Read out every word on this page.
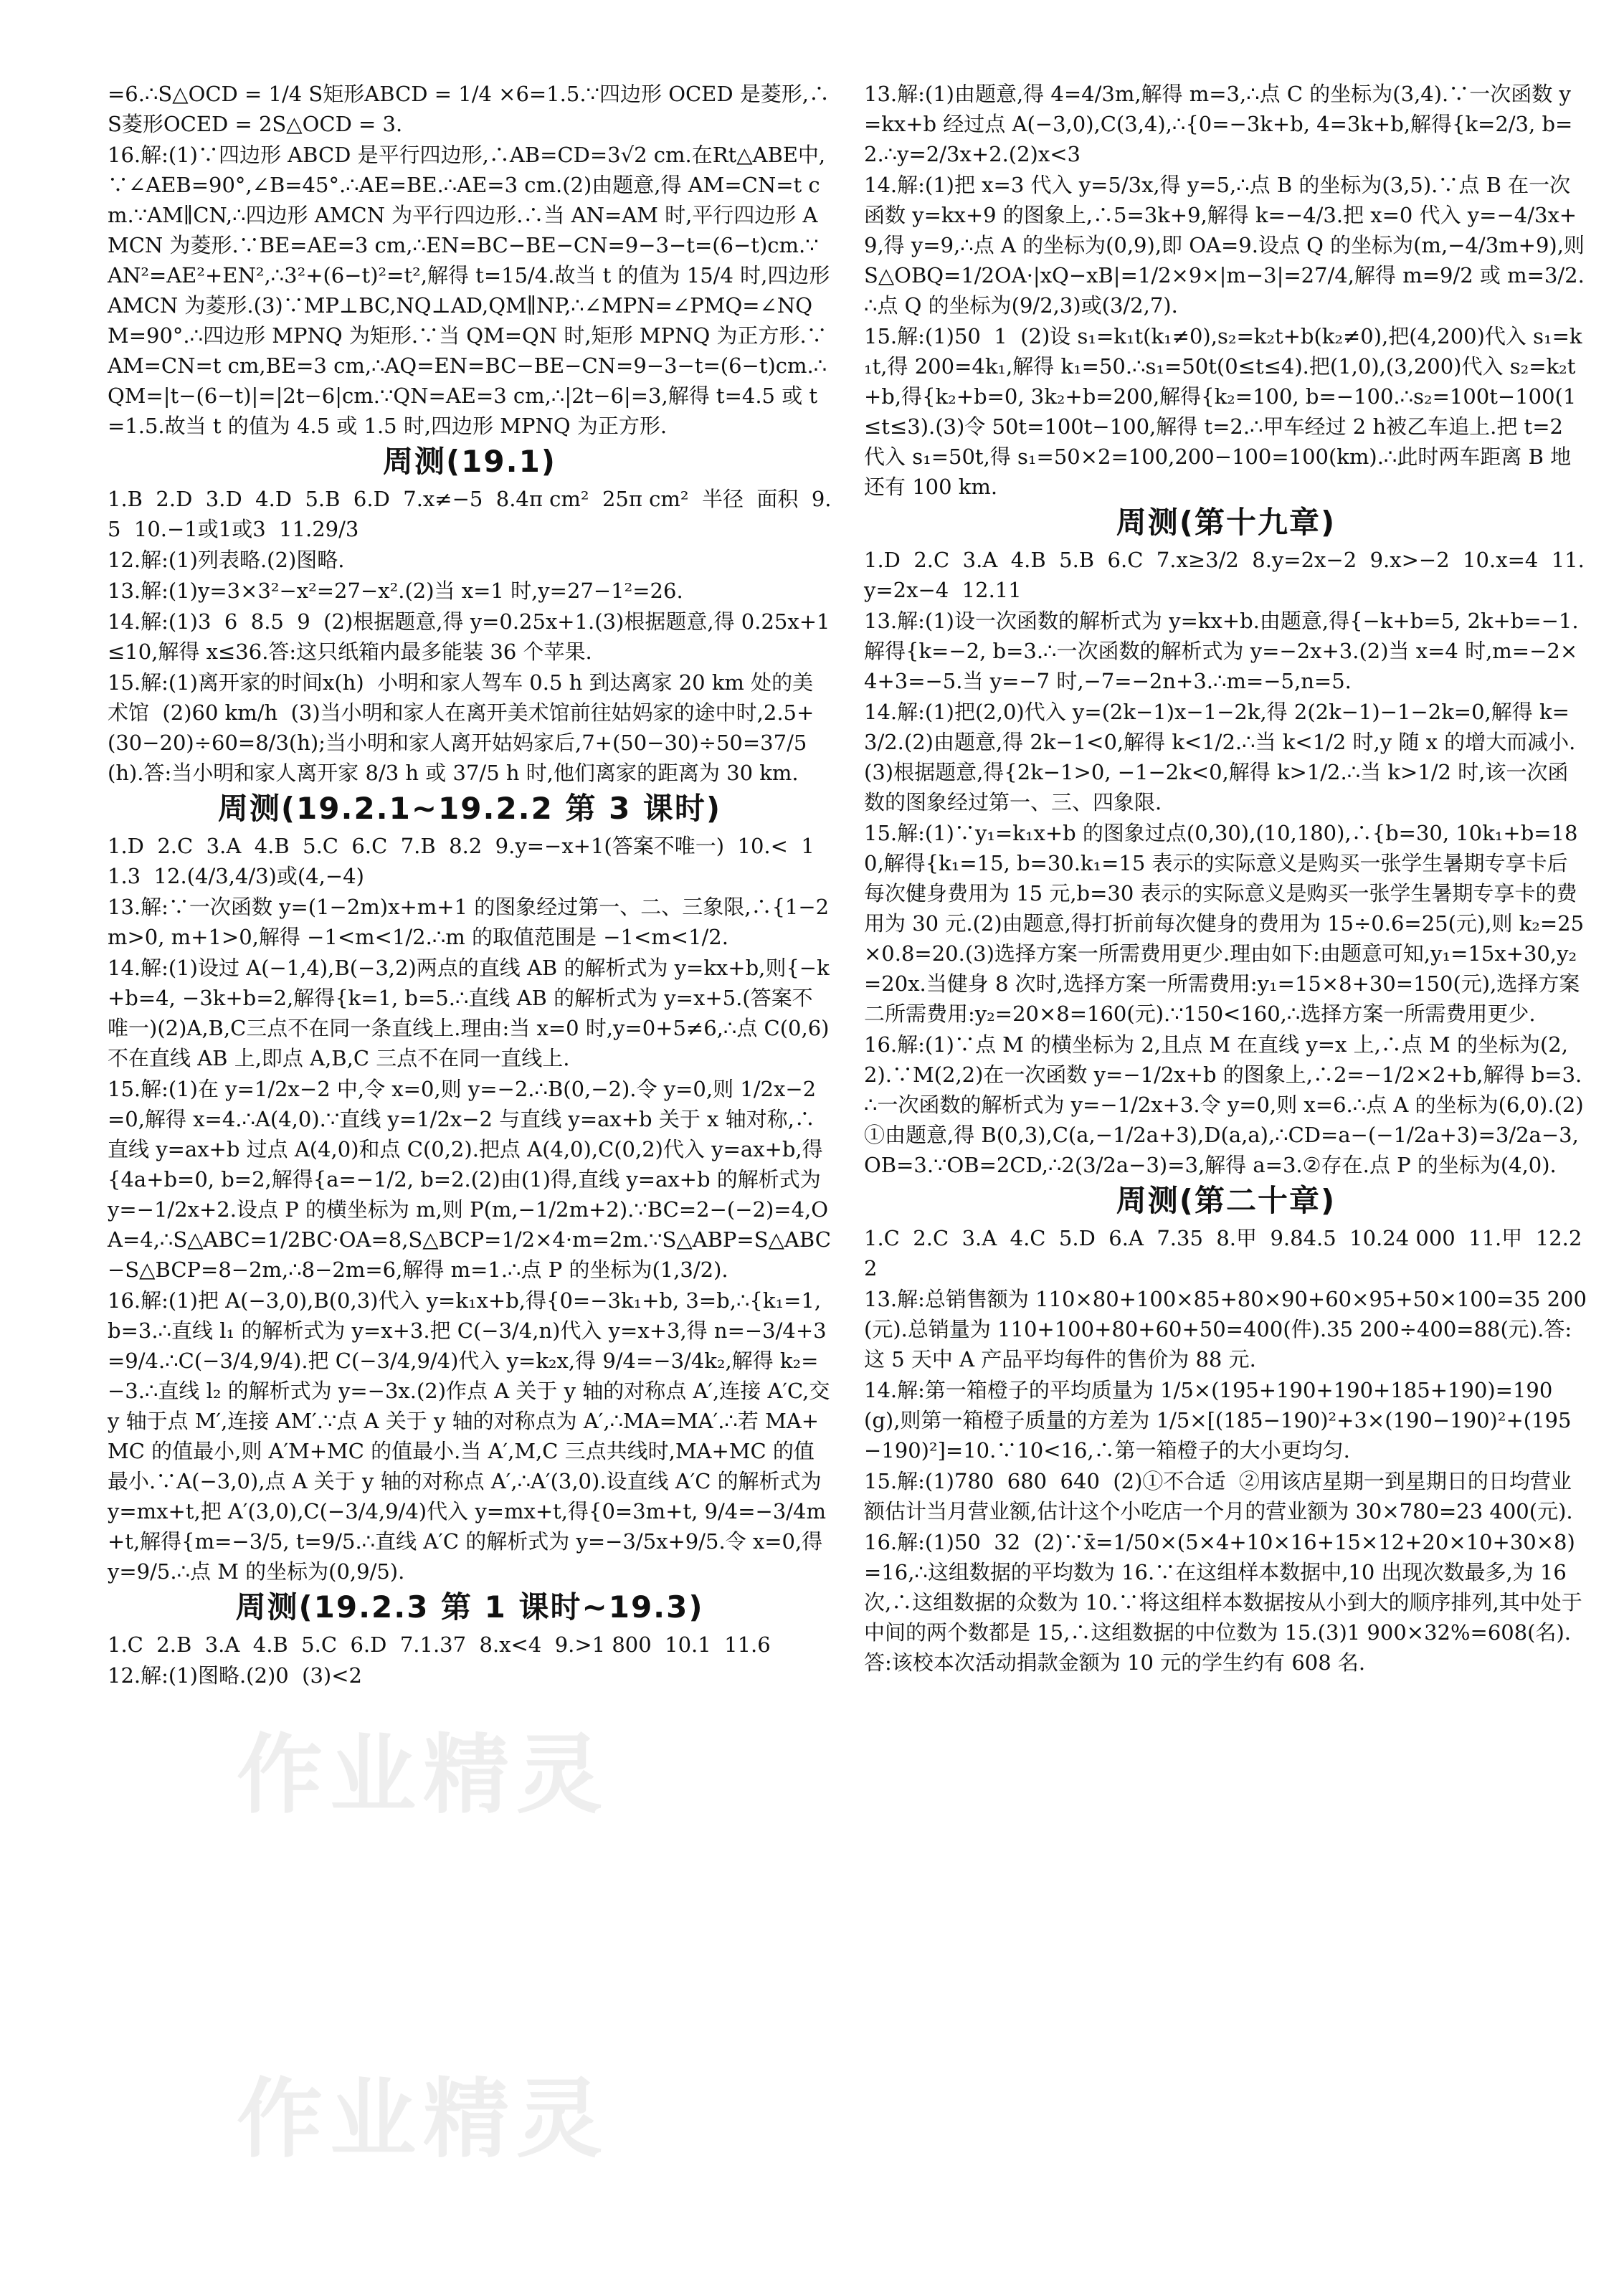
=6.∴S△OCD = 1/4 S矩形ABCD = 1/4 ×6=1.5.∵四边形 OCED 是菱形,∴S菱形OCED = 2S△OCD = 3.
16.解:(1)∵四边形 ABCD 是平行四边形,∴AB=CD=3√2 cm.在Rt△ABE中,∵∠AEB=90°,∠B=45°.∴AE=BE.∴AE=3 cm.(2)由题意,得 AM=CN=t cm.∵AM∥CN,∴四边形 AMCN 为平行四边形.∴当 AN=AM 时,平行四边形 AMCN 为菱形.∵BE=AE=3 cm,∴EN=BC−BE−CN=9−3−t=(6−t)cm.∵AN²=AE²+EN²,∴3²+(6−t)²=t²,解得 t=15/4.故当 t 的值为 15/4 时,四边形 AMCN 为菱形.(3)∵MP⊥BC,NQ⊥AD,QM∥NP,∴∠MPN=∠PMQ=∠NQM=90°.∴四边形 MPNQ 为矩形.∵当 QM=QN 时,矩形 MPNQ 为正方形.∵AM=CN=t cm,BE=3 cm,∴AQ=EN=BC−BE−CN=9−3−t=(6−t)cm.∴QM=|t−(6−t)|=|2t−6|cm.∵QN=AE=3 cm,∴|2t−6|=3,解得 t=4.5 或 t=1.5.故当 t 的值为 4.5 或 1.5 时,四边形 MPNQ 为正方形.
周测(19.1)
1.B  2.D  3.D  4.D  5.B  6.D  7.x≠−5  8.4π cm²  25π cm²  半径  面积  9.5  10.−1或1或3  11.29/3
12.解:(1)列表略.(2)图略.
13.解:(1)y=3×3²−x²=27−x².(2)当 x=1 时,y=27−1²=26.
14.解:(1)3  6  8.5  9  (2)根据题意,得 y=0.25x+1.(3)根据题意,得 0.25x+1≤10,解得 x≤36.答:这只纸箱内最多能装 36 个苹果.
15.解:(1)离开家的时间x(h)  小明和家人驾车 0.5 h 到达离家 20 km 处的美术馆  (2)60 km/h  (3)当小明和家人在离开美术馆前往姑妈家的途中时,2.5+(30−20)÷60=8/3(h);当小明和家人离开姑妈家后,7+(50−30)÷50=37/5(h).答:当小明和家人离开家 8/3 h 或 37/5 h 时,他们离家的距离为 30 km.
周测(19.2.1~19.2.2 第 3 课时)
1.D  2.C  3.A  4.B  5.C  6.C  7.B  8.2  9.y=−x+1(答案不唯一)  10.<  11.3  12.(4/3,4/3)或(4,−4)
13.解:∵一次函数 y=(1−2m)x+m+1 的图象经过第一、二、三象限,∴{1−2m>0, m+1>0,解得 −1<m<1/2.∴m 的取值范围是 −1<m<1/2.
14.解:(1)设过 A(−1,4),B(−3,2)两点的直线 AB 的解析式为 y=kx+b,则{−k+b=4, −3k+b=2,解得{k=1, b=5.∴直线 AB 的解析式为 y=x+5.(答案不唯一)(2)A,B,C三点不在同一条直线上.理由:当 x=0 时,y=0+5≠6,∴点 C(0,6)不在直线 AB 上,即点 A,B,C 三点不在同一直线上.
15.解:(1)在 y=1/2x−2 中,令 x=0,则 y=−2.∴B(0,−2).令 y=0,则 1/2x−2=0,解得 x=4.∴A(4,0).∵直线 y=1/2x−2 与直线 y=ax+b 关于 x 轴对称,∴直线 y=ax+b 过点 A(4,0)和点 C(0,2).把点 A(4,0),C(0,2)代入 y=ax+b,得{4a+b=0, b=2,解得{a=−1/2, b=2.(2)由(1)得,直线 y=ax+b 的解析式为 y=−1/2x+2.设点 P 的横坐标为 m,则 P(m,−1/2m+2).∵BC=2−(−2)=4,OA=4,∴S△ABC=1/2BC·OA=8,S△BCP=1/2×4·m=2m.∵S△ABP=S△ABC−S△BCP=8−2m,∴8−2m=6,解得 m=1.∴点 P 的坐标为(1,3/2).
16.解:(1)把 A(−3,0),B(0,3)代入 y=k₁x+b,得{0=−3k₁+b, 3=b,∴{k₁=1, b=3.∴直线 l₁ 的解析式为 y=x+3.把 C(−3/4,n)代入 y=x+3,得 n=−3/4+3=9/4.∴C(−3/4,9/4).把 C(−3/4,9/4)代入 y=k₂x,得 9/4=−3/4k₂,解得 k₂=−3.∴直线 l₂ 的解析式为 y=−3x.(2)作点 A 关于 y 轴的对称点 A′,连接 A′C,交 y 轴于点 M′,连接 AM′.∵点 A 关于 y 轴的对称点为 A′,∴MA=MA′.∴若 MA+MC 的值最小,则 A′M+MC 的值最小.当 A′,M,C 三点共线时,MA+MC 的值最小.∵A(−3,0),点 A 关于 y 轴的对称点 A′,∴A′(3,0).设直线 A′C 的解析式为 y=mx+t,把 A′(3,0),C(−3/4,9/4)代入 y=mx+t,得{0=3m+t, 9/4=−3/4m+t,解得{m=−3/5, t=9/5.∴直线 A′C 的解析式为 y=−3/5x+9/5.令 x=0,得 y=9/5.∴点 M 的坐标为(0,9/5).
周测(19.2.3 第 1 课时~19.3)
1.C  2.B  3.A  4.B  5.C  6.D  7.1.37  8.x<4  9.>1 800  10.1  11.6
12.解:(1)图略.(2)0  (3)<2
13.解:(1)由题意,得 4=4/3m,解得 m=3,∴点 C 的坐标为(3,4).∵一次函数 y=kx+b 经过点 A(−3,0),C(3,4),∴{0=−3k+b, 4=3k+b,解得{k=2/3, b=2.∴y=2/3x+2.(2)x<3
14.解:(1)把 x=3 代入 y=5/3x,得 y=5,∴点 B 的坐标为(3,5).∵点 B 在一次函数 y=kx+9 的图象上,∴5=3k+9,解得 k=−4/3.把 x=0 代入 y=−4/3x+9,得 y=9,∴点 A 的坐标为(0,9),即 OA=9.设点 Q 的坐标为(m,−4/3m+9),则 S△OBQ=1/2OA·|xQ−xB|=1/2×9×|m−3|=27/4,解得 m=9/2 或 m=3/2.∴点 Q 的坐标为(9/2,3)或(3/2,7).
15.解:(1)50  1  (2)设 s₁=k₁t(k₁≠0),s₂=k₂t+b(k₂≠0),把(4,200)代入 s₁=k₁t,得 200=4k₁,解得 k₁=50.∴s₁=50t(0≤t≤4).把(1,0),(3,200)代入 s₂=k₂t+b,得{k₂+b=0, 3k₂+b=200,解得{k₂=100, b=−100.∴s₂=100t−100(1≤t≤3).(3)令 50t=100t−100,解得 t=2.∴甲车经过 2 h被乙车追上.把 t=2 代入 s₁=50t,得 s₁=50×2=100,200−100=100(km).∴此时两车距离 B 地还有 100 km.
周测(第十九章)
1.D  2.C  3.A  4.B  5.B  6.C  7.x≥3/2  8.y=2x−2  9.x>−2  10.x=4  11.y=2x−4  12.11
13.解:(1)设一次函数的解析式为 y=kx+b.由题意,得{−k+b=5, 2k+b=−1.解得{k=−2, b=3.∴一次函数的解析式为 y=−2x+3.(2)当 x=4 时,m=−2×4+3=−5.当 y=−7 时,−7=−2n+3.∴m=−5,n=5.
14.解:(1)把(2,0)代入 y=(2k−1)x−1−2k,得 2(2k−1)−1−2k=0,解得 k=3/2.(2)由题意,得 2k−1<0,解得 k<1/2.∴当 k<1/2 时,y 随 x 的增大而减小.(3)根据题意,得{2k−1>0, −1−2k<0,解得 k>1/2.∴当 k>1/2 时,该一次函数的图象经过第一、三、四象限.
15.解:(1)∵y₁=k₁x+b 的图象过点(0,30),(10,180),∴{b=30, 10k₁+b=180,解得{k₁=15, b=30.k₁=15 表示的实际意义是购买一张学生暑期专享卡后每次健身费用为 15 元,b=30 表示的实际意义是购买一张学生暑期专享卡的费用为 30 元.(2)由题意,得打折前每次健身的费用为 15÷0.6=25(元),则 k₂=25×0.8=20.(3)选择方案一所需费用更少.理由如下:由题意可知,y₁=15x+30,y₂=20x.当健身 8 次时,选择方案一所需费用:y₁=15×8+30=150(元),选择方案二所需费用:y₂=20×8=160(元).∵150<160,∴选择方案一所需费用更少.
16.解:(1)∵点 M 的横坐标为 2,且点 M 在直线 y=x 上,∴点 M 的坐标为(2,2).∵M(2,2)在一次函数 y=−1/2x+b 的图象上,∴2=−1/2×2+b,解得 b=3.∴一次函数的解析式为 y=−1/2x+3.令 y=0,则 x=6.∴点 A 的坐标为(6,0).(2)①由题意,得 B(0,3),C(a,−1/2a+3),D(a,a),∴CD=a−(−1/2a+3)=3/2a−3,OB=3.∵OB=2CD,∴2(3/2a−3)=3,解得 a=3.②存在.点 P 的坐标为(4,0).
周测(第二十章)
1.C  2.C  3.A  4.C  5.D  6.A  7.35  8.甲  9.84.5  10.24 000  11.甲  12.22
13.解:总销售额为 110×80+100×85+80×90+60×95+50×100=35 200(元).总销量为 110+100+80+60+50=400(件).35 200÷400=88(元).答:这 5 天中 A 产品平均每件的售价为 88 元.
14.解:第一箱橙子的平均质量为 1/5×(195+190+190+185+190)=190(g),则第一箱橙子质量的方差为 1/5×[(185−190)²+3×(190−190)²+(195−190)²]=10.∵10<16,∴第一箱橙子的大小更均匀.
15.解:(1)780  680  640  (2)①不合适  ②用该店星期一到星期日的日均营业额估计当月营业额,估计这个小吃店一个月的营业额为 30×780=23 400(元).
16.解:(1)50  32  (2)∵x̄=1/50×(5×4+10×16+15×12+20×10+30×8)=16,∴这组数据的平均数为 16.∵在这组样本数据中,10 出现次数最多,为 16 次,∴这组数据的众数为 10.∵将这组样本数据按从小到大的顺序排列,其中处于中间的两个数都是 15,∴这组数据的中位数为 15.(3)1 900×32%=608(名).答:该校本次活动捐款金额为 10 元的学生约有 608 名.
作业精灵
作业精灵
